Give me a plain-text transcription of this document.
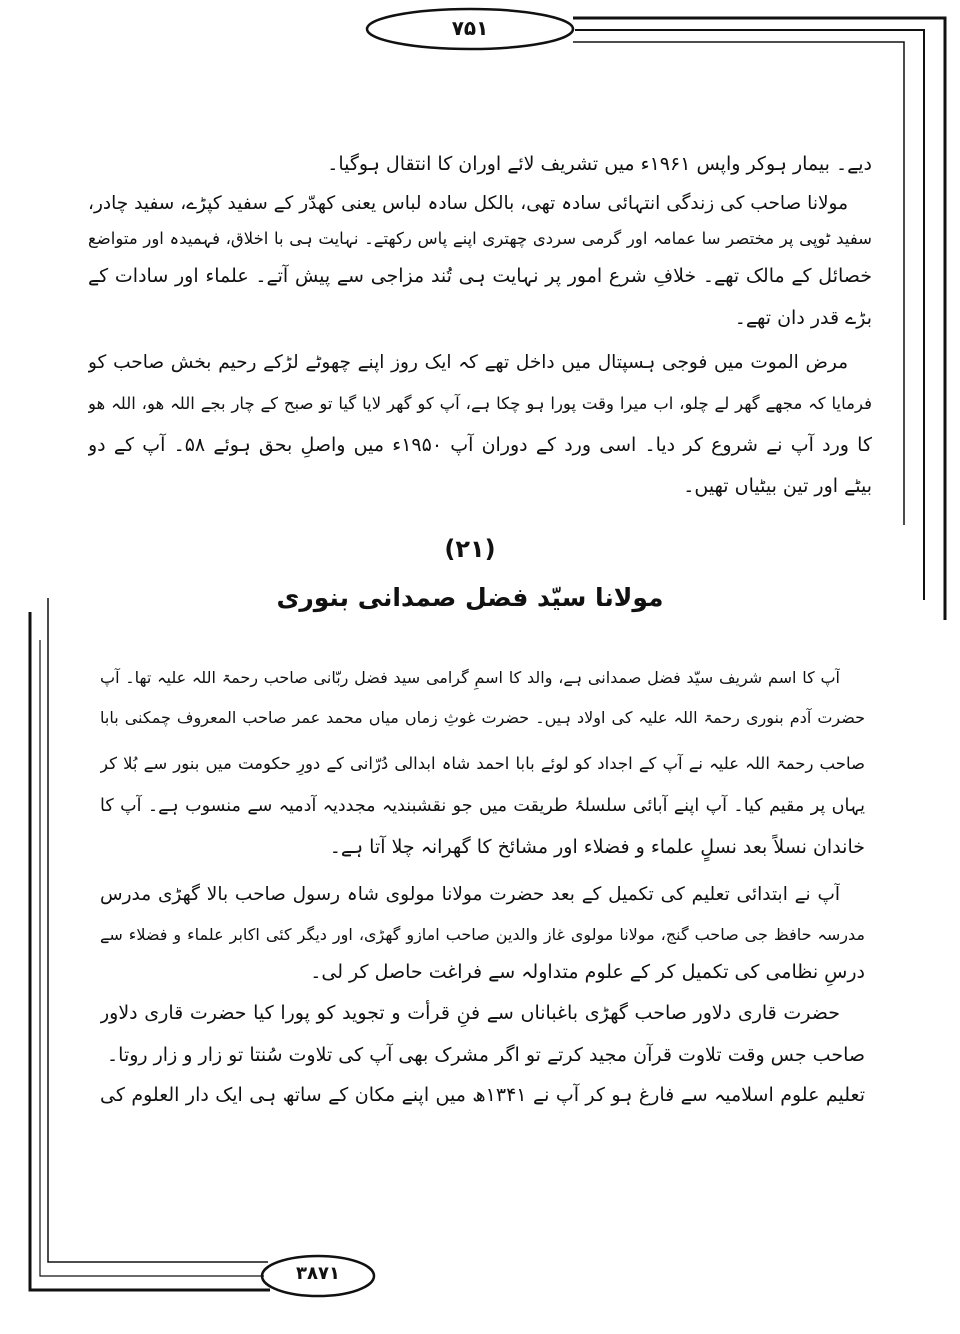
۷۵۱
۳۸۷۱
دیے۔ بیمار ہوکر واپس ۱۹۶۱ء میں تشریف لائے اوران کا انتقال ہوگیا۔
مولانا صاحب کی زندگی انتہائی سادہ تھی، بالکل سادہ لباس یعنی کھدّر کے سفید کپڑے، سفید چادر،
سفید ٹوپی پر مختصر سا عمامہ اور گرمی سردی چھتری اپنے پاس رکھتے۔ نہایت ہی با اخلاق، فہمیدہ اور متواضع
خصائل کے مالک تھے۔ خلافِ شرع امور پر نہایت ہی تُند مزاجی سے پیش آتے۔ علماء اور سادات کے
بڑے قدر دان تھے۔
مرض الموت میں فوجی ہسپتال میں داخل تھے کہ ایک روز اپنے چھوٹے لڑکے رحیم بخش صاحب کو
فرمایا کہ مجھے گھر لے چلو، اب میرا وقت پورا ہو چکا ہے، آپ کو گھر لایا گیا تو صبح کے چار بجے اللہ ھو، اللہ ھو
کا ورد آپ نے شروع کر دیا۔ اسی ورد کے دوران آپ ۱۹۵۰ء میں واصلِ بحق ہوئے ۵۸۔ آپ کے دو
بیٹے اور تین بیٹیاں تھیں۔
(۲۱)
مولانا سیّد فضل صمدانی بنوری
آپ کا اسم شریف سیّد فضل صمدانی ہے، والد کا اسمِ گرامی سید فضل ربّانی صاحب رحمۃ اللہ علیہ تھا۔ آپ
حضرت آدم بنوری رحمۃ اللہ علیہ کی اولاد ہیں۔ حضرت غوثِ زماں میاں محمد عمر صاحب المعروف چمکنی بابا
صاحب رحمۃ اللہ علیہ نے آپ کے اجداد کو لوئے بابا احمد شاہ ابدالی دُرّانی کے دورِ حکومت میں بنور سے بُلا کر
یہاں پر مقیم کیا۔ آپ اپنے آبائی سلسلۂ طریقت میں جو نقشبندیہ مجددیہ آدمیہ سے منسوب ہے۔ آپ کا
خاندان نسلاً بعد نسلٍ علماء و فضلاء اور مشائخ کا گھرانہ چلا آتا ہے۔
آپ نے ابتدائی تعلیم کی تکمیل کے بعد حضرت مولانا مولوی شاہ رسول صاحب بالا گھڑی مدرس
مدرسہ حافظ جی صاحب گنج، مولانا مولوی غاز والدین صاحب امازو گھڑی، اور دیگر کئی اکابر علماء و فضلاء سے
درسِ نظامی کی تکمیل کر کے علوم متداولہ سے فراغت حاصل کر لی۔
حضرت قاری دلاور صاحب گھڑی باغباناں سے فنِ قرأت و تجوید کو پورا کیا حضرت قاری دلاور
صاحب جس وقت تلاوت قرآن مجید کرتے تو اگر مشرک بھی آپ کی تلاوت سُنتا تو زار و زار روتا۔
تعلیم علوم اسلامیہ سے فارغ ہو کر آپ نے ۱۳۴۱ھ میں اپنے مکان کے ساتھ ہی ایک دار العلوم کی
